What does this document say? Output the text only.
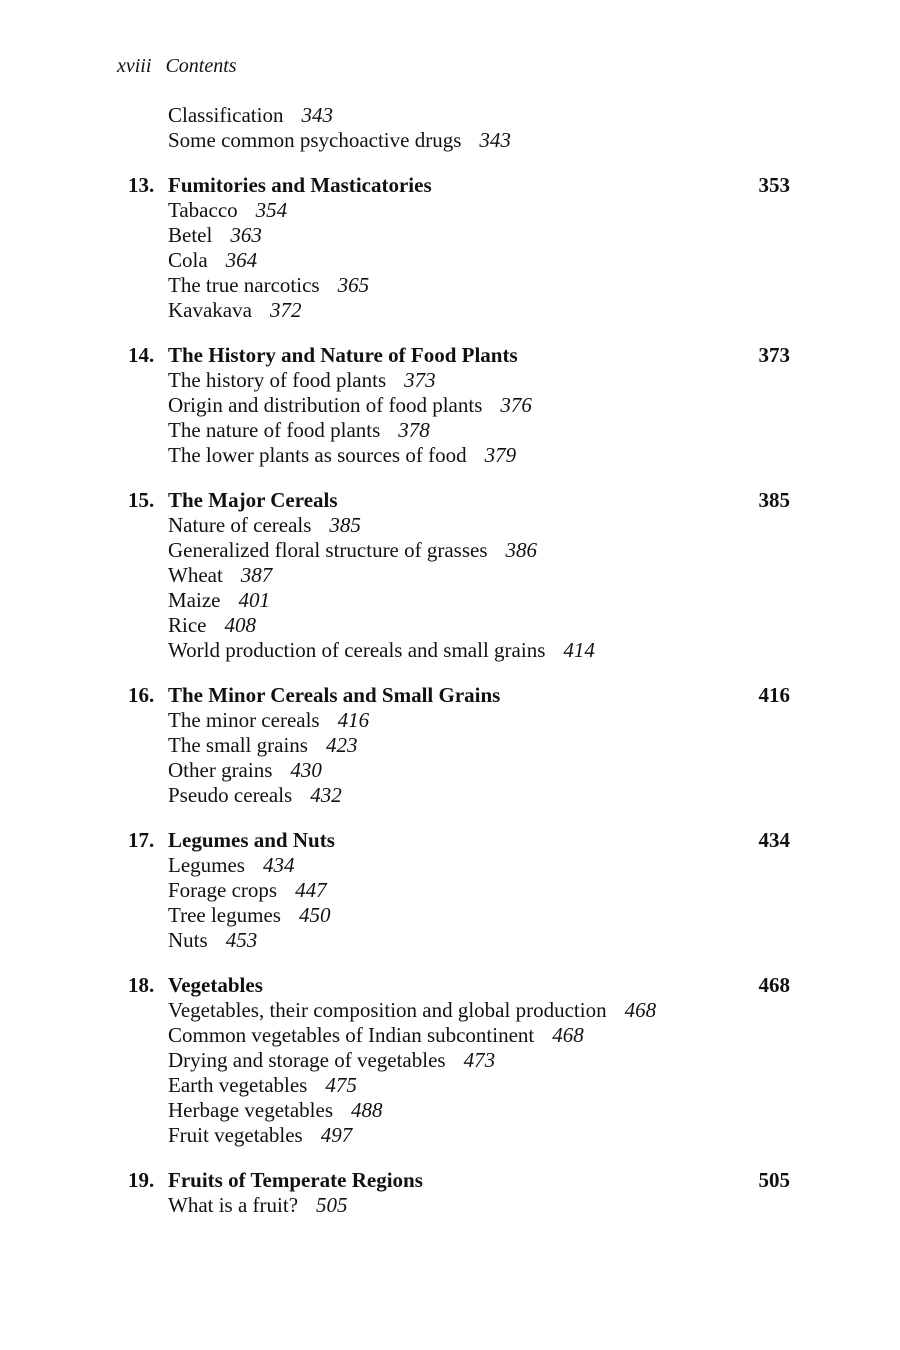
xviii Contents
Classification 343
Some common psychoactive drugs 343
13. Fumitories and Masticatories	353
Tabacco 354
Betel 363
Cola 364
The true narcotics 365
Kavakava 372
14. The History and Nature of Food Plants	373
The history of food plants 373
Origin and distribution of food plants 376
The nature of food plants 378
The lower plants as sources of food 379
15. The Major Cereals	385
Nature of cereals 385
Generalized floral structure of grasses 386
Wheat 387
Maize 401
Rice 408
World production of cereals and small grains 414
16. The Minor Cereals and Small Grains	416
The minor cereals 416
The small grains 423
Other grains 430
Pseudo cereals 432
17. Legumes and Nuts	434
Legumes 434
Forage crops 447
Tree legumes 450
Nuts 453
18. Vegetables	468
Vegetables, their composition and global production 468
Common vegetables of Indian subcontinent 468
Drying and storage of vegetables 473
Earth vegetables 475
Herbage vegetables 488
Fruit vegetables 497
19. Fruits of Temperate Regions	505
What is a fruit? 505
